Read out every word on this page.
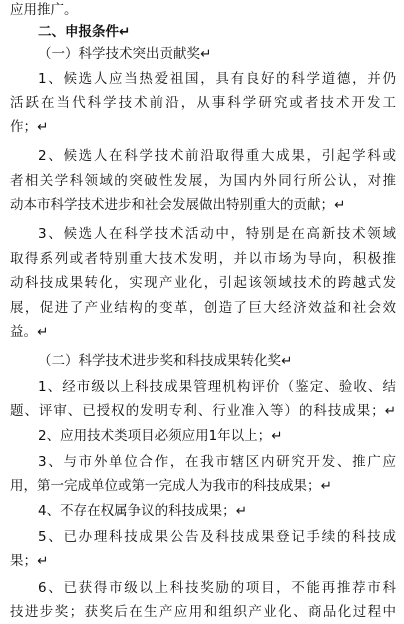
应用推广。
二、申报条件↵
（一）科学技术突出贡献奖↵
1、候选人应当热爱祖国，具有良好的科学道德，并仍
活跃在当代科学技术前沿，从事科学研究或者技术开发工
作；↵
2、候选人在科学技术前沿取得重大成果，引起学科或
者相关学科领域的突破性发展，为国内外同行所公认，对推
动本市科学技术进步和社会发展做出特别重大的贡献；↵
3、候选人在科学技术活动中，特别是在高新技术领域
取得系列或者特别重大技术发明，并以市场为导向，积极推
动科技成果转化，实现产业化，引起该领域技术的跨越式发
展，促进了产业结构的变革，创造了巨大经济效益和社会效
益。↵
（二）科学技术进步奖和科技成果转化奖↵
1、经市级以上科技成果管理机构评价（鉴定、验收、结
题、评审、已授权的发明专利、行业准入等）的科技成果；↵
2、应用技术类项目必须应用1年以上；↵
3、与市外单位合作，在我市辖区内研究开发、推广应
用，第一完成单位或第一完成人为我市的科技成果；↵
4、不存在权属争议的科技成果；↵
5、已办理科技成果公告及科技成果登记手续的科技成
果；↵
6、已获得市级以上科技奖励的项目，不能再推荐市科
技进步奖；获奖后在生产应用和组织产业化、商品化过程中
